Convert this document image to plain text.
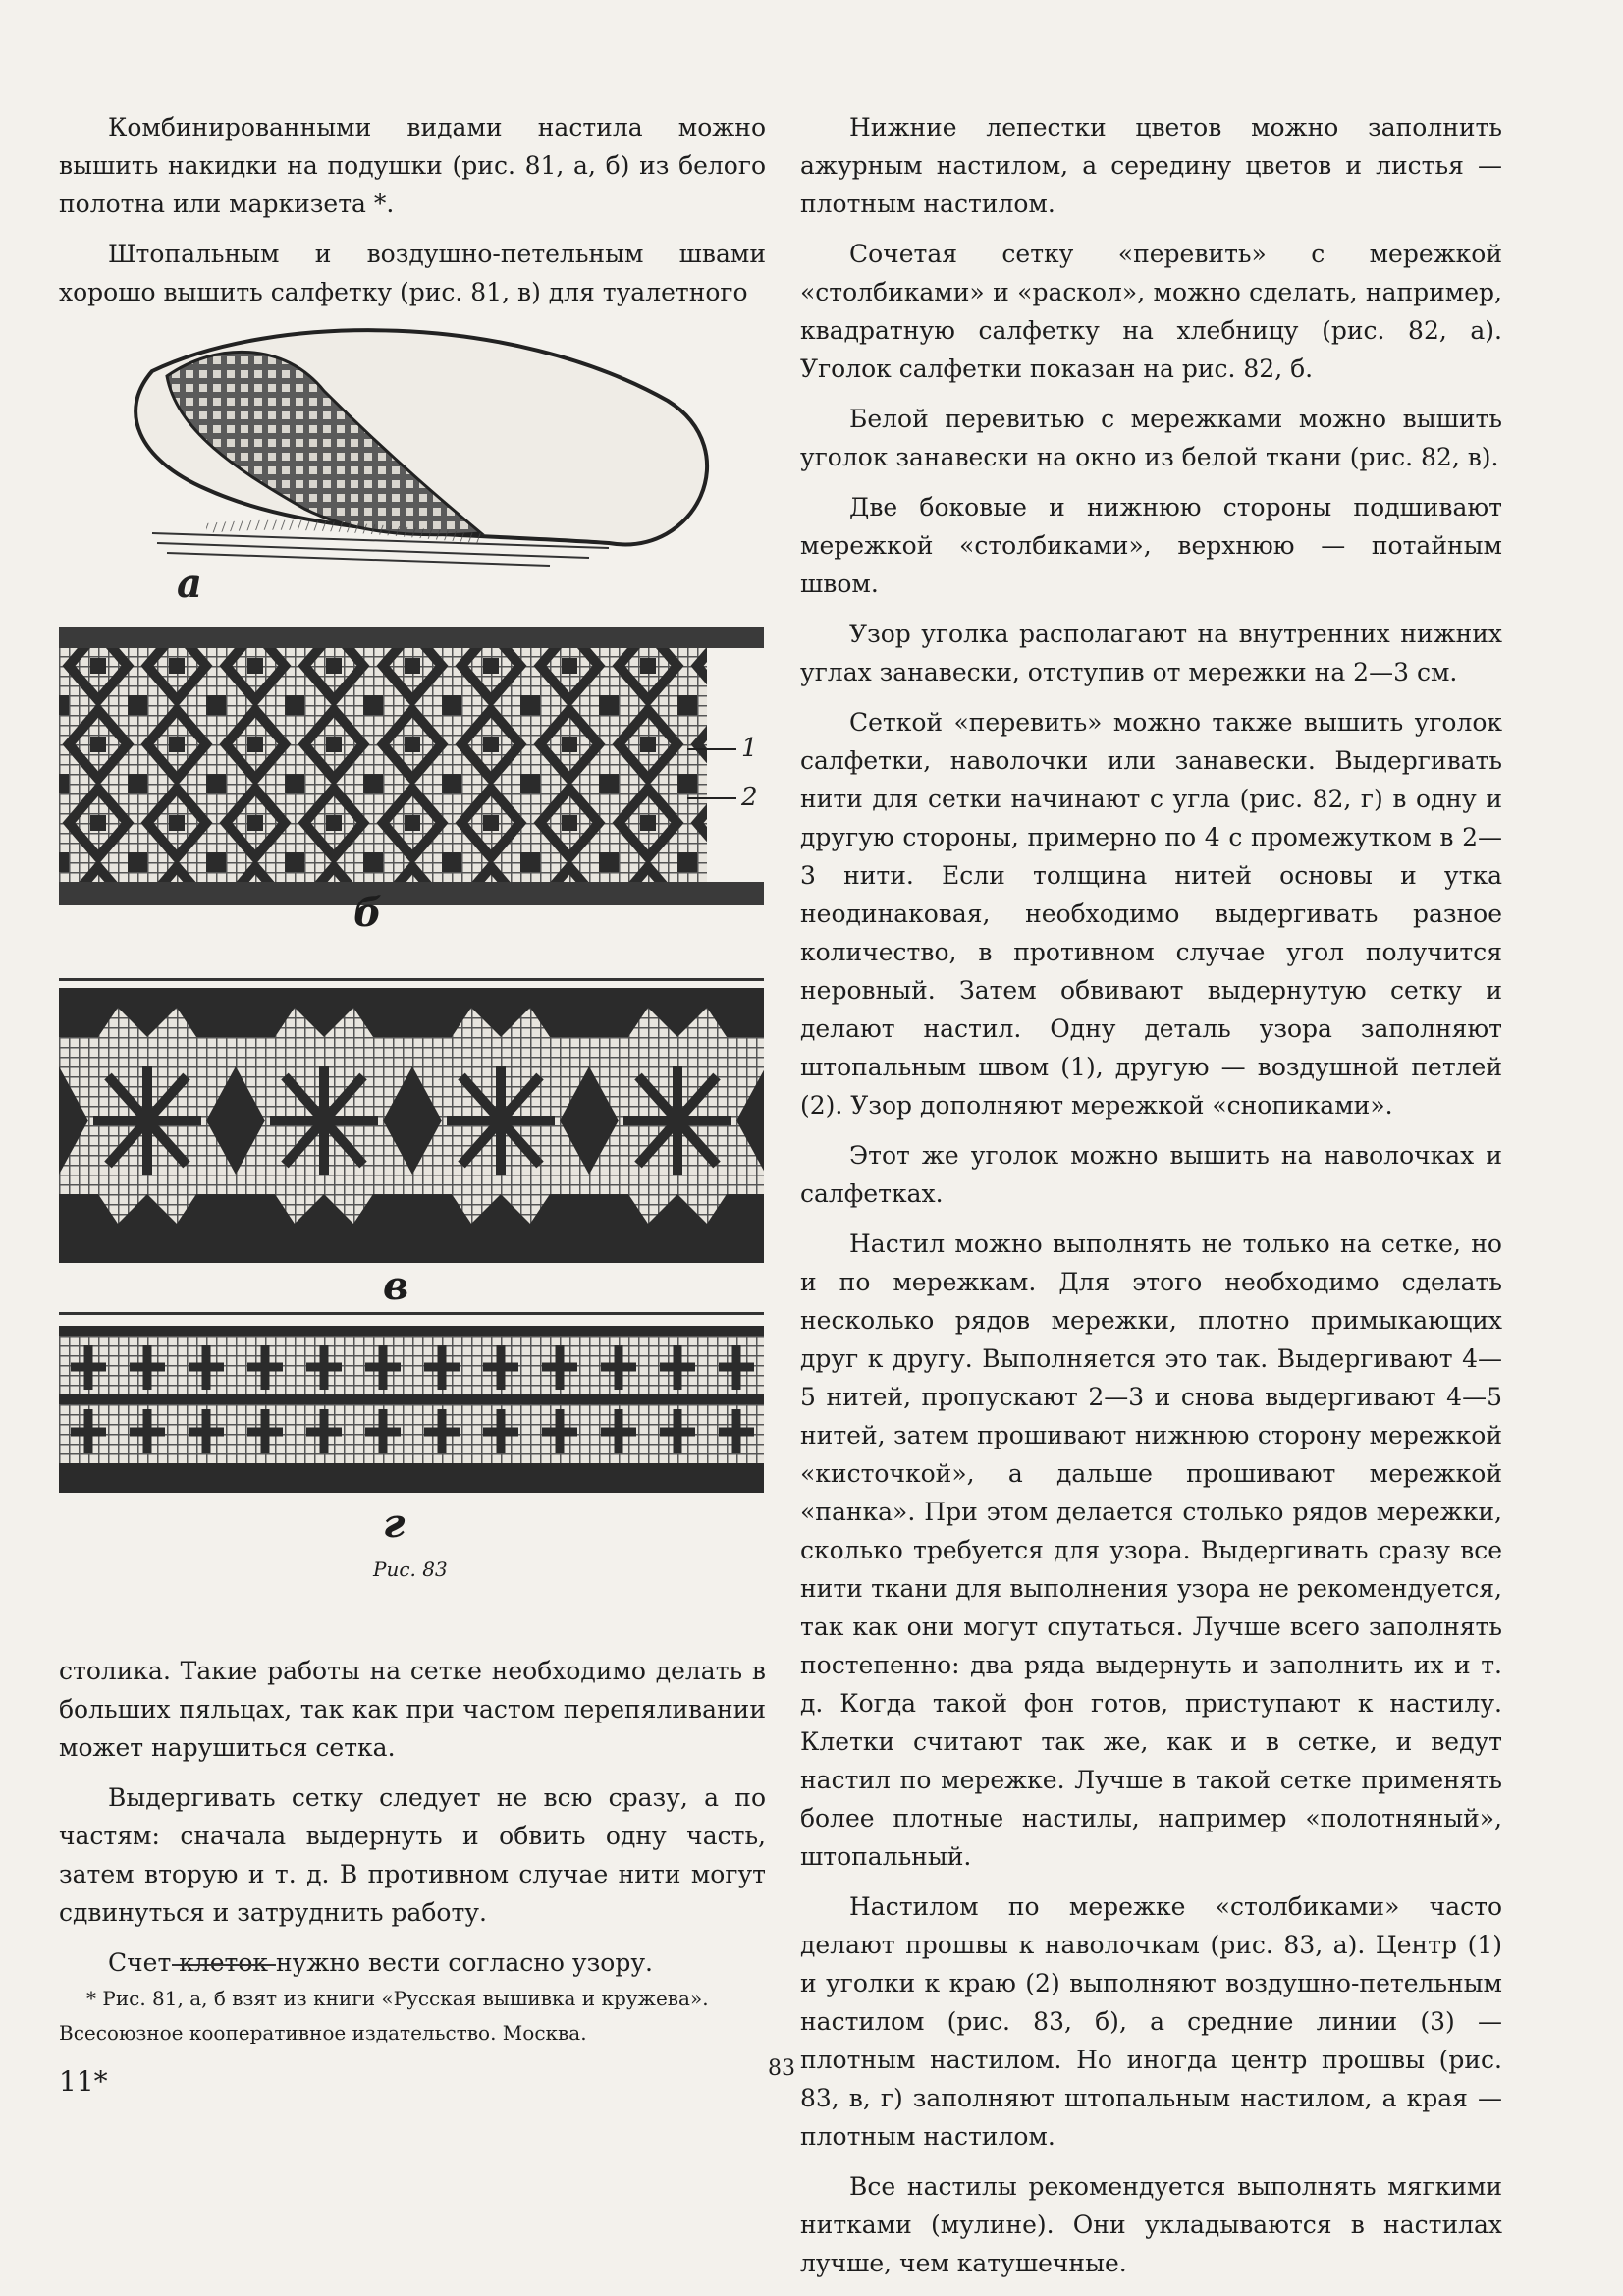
Комбинированными видами настила можно вышить накидки на подушки (рис. 81, а, б) из белого полотна или маркизета *.

Штопальным и воздушно-петельным швами хорошо вышить салфетку (рис. 81, в) для туалетного

а
1
2
б
в
г
Рис. 83

столика. Такие работы на сетке необходимо делать в больших пяльцах, так как при частом перепяливании может нарушиться сетка.

Выдергивать сетку следует не всю сразу, а по частям: сначала выдернуть и обвить одну часть, затем вторую и т. д. В противном случае нити могут сдвинуться и затруднить работу.

Счет клеток нужно вести согласно узору.

* Рис. 81, а, б взят из книги «Русская вышивка и кружева». Всесоюзное кооперативное издательство. Москва.

11*	83

Нижние лепестки цветов можно заполнить ажурным настилом, а середину цветов и листья — плотным настилом.

Сочетая сетку «перевить» с мережкой «столбиками» и «раскол», можно сделать, например, квадратную салфетку на хлебницу (рис. 82, а). Уголок салфетки показан на рис. 82, б.

Белой перевитью с мережками можно вышить уголок занавески на окно из белой ткани (рис. 82, в).

Две боковые и нижнюю стороны подшивают мережкой «столбиками», верхнюю — потайным швом.

Узор уголка располагают на внутренних нижних углах занавески, отступив от мережки на 2—3 см.

Сеткой «перевить» можно также вышить уголок салфетки, наволочки или занавески. Выдергивать нити для сетки начинают с угла (рис. 82, г) в одну и другую стороны, примерно по 4 с промежутком в 2—3 нити. Если толщина нитей основы и утка неодинаковая, необходимо выдергивать разное количество, в противном случае угол получится неровный. Затем обвивают выдернутую сетку и делают настил. Одну деталь узора заполняют штопальным швом (1), другую — воздушной петлей (2). Узор дополняют мережкой «снопиками».

Этот же уголок можно вышить на наволочках и салфетках.

Настил можно выполнять не только на сетке, но и по мережкам. Для этого необходимо сделать несколько рядов мережки, плотно примыкающих друг к другу. Выполняется это так. Выдергивают 4—5 нитей, пропускают 2—3 и снова выдергивают 4—5 нитей, затем прошивают нижнюю сторону мережкой «кисточкой», а дальше прошивают мережкой «панка». При этом делается столько рядов мережки, сколько требуется для узора. Выдергивать сразу все нити ткани для выполнения узора не рекомендуется, так как они могут спутаться. Лучше всего заполнять постепенно: два ряда выдернуть и заполнить их и т. д. Когда такой фон готов, приступают к настилу. Клетки считают так же, как и в сетке, и ведут настил по мережке. Лучше в такой сетке применять более плотные настилы, например «полотняный», штопальный.

Настилом по мережке «столбиками» часто делают прошвы к наволочкам (рис. 83, а). Центр (1) и уголки к краю (2) выполняют воздушно-петельным настилом (рис. 83, б), а средние линии (3) — плотным настилом. Но иногда центр прошвы (рис. 83, в, г) заполняют штопальным настилом, а края — плотным настилом.

Все настилы рекомендуется выполнять мягкими нитками (мулине). Они укладываются в настилах лучше, чем катушечные.
